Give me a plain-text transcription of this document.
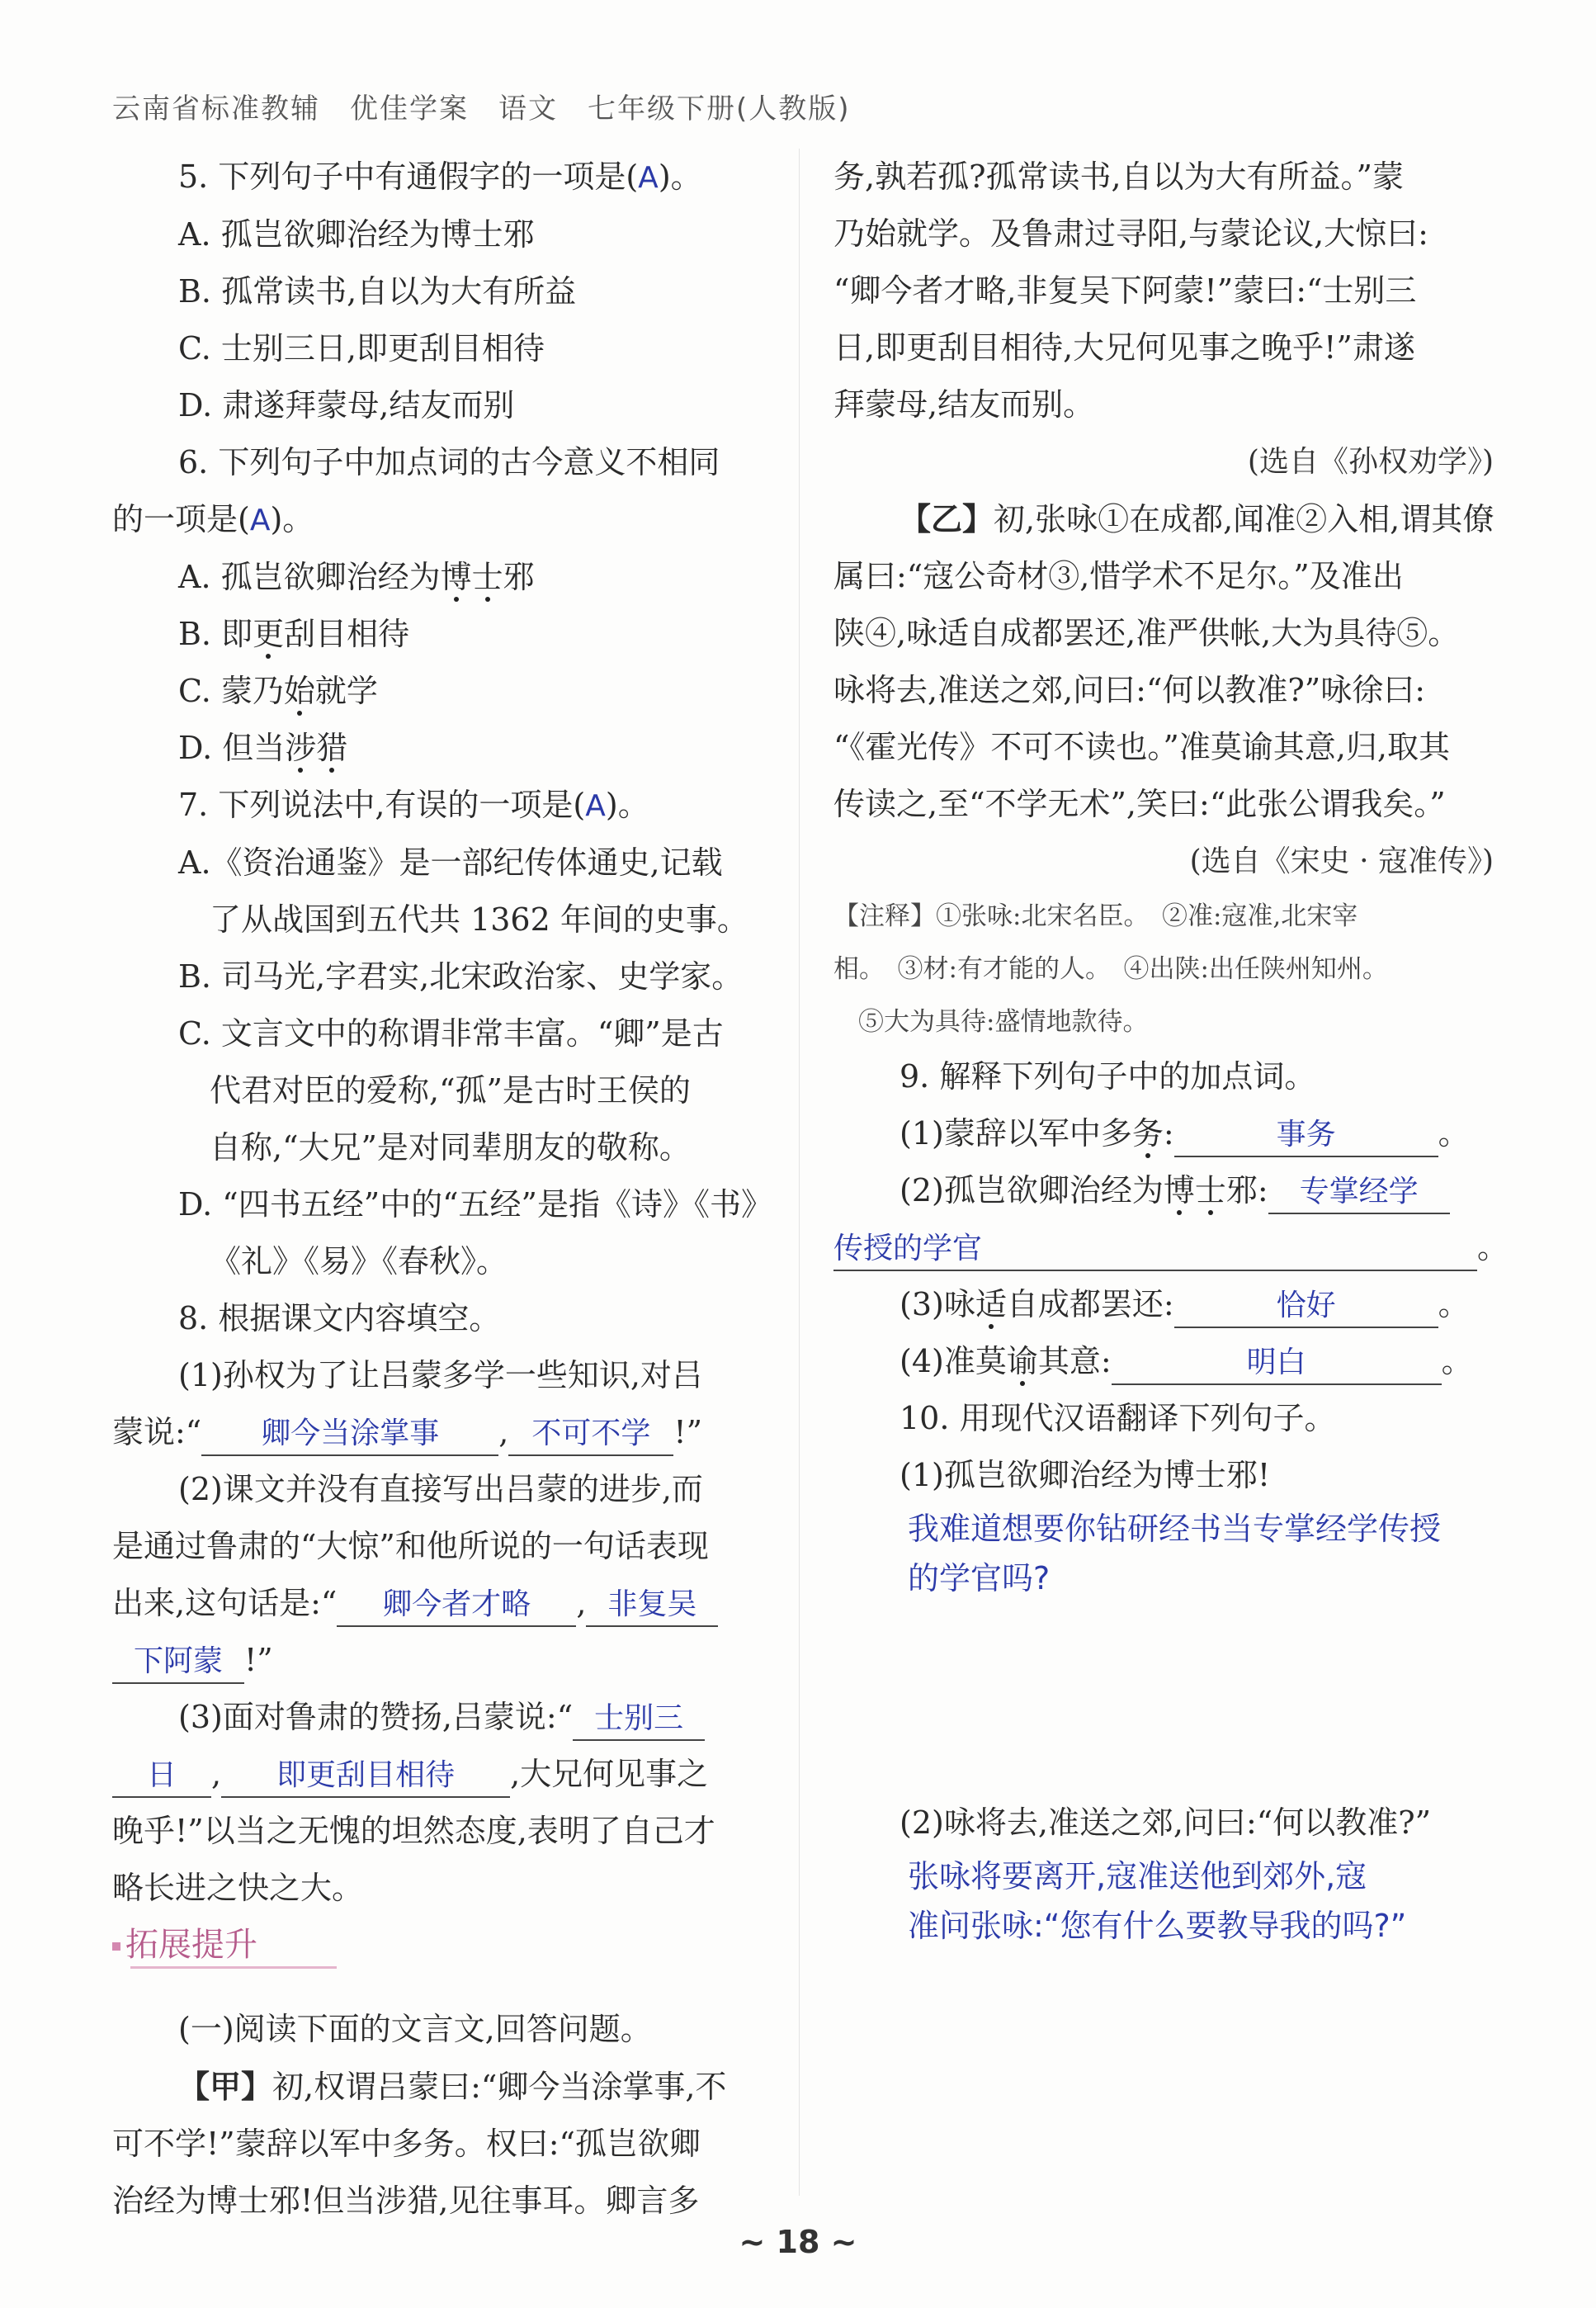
云南省标准教辅　优佳学案　语文　七年级下册(人教版)
5. 下列句子中有通假字的一项是(A)。
A. 孤岂欲卿治经为博士邪
B. 孤常读书,自以为大有所益
C. 士别三日,即更刮目相待
D. 肃遂拜蒙母,结友而别
6. 下列句子中加点词的古今意义不相同
的一项是(A)。
A. 孤岂欲卿治经为博士邪
B. 即更刮目相待
C. 蒙乃始就学
D. 但当涉猎
7. 下列说法中,有误的一项是(A)。
A.《资治通鉴》是一部纪传体通史,记载
了从战国到五代共 1362 年间的史事。
B. 司马光,字君实,北宋政治家、史学家。
C. 文言文中的称谓非常丰富。“卿”是古
代君对臣的爱称,“孤”是古时王侯的
自称,“大兄”是对同辈朋友的敬称。
D. “四书五经”中的“五经”是指《诗》《书》
《礼》《易》《春秋》。
8. 根据课文内容填空。
(1)孙权为了让吕蒙多学一些知识,对吕
蒙说:“ 卿今当涂掌事 , 不可不学 !”
(2)课文并没有直接写出吕蒙的进步,而
是通过鲁肃的“大惊”和他所说的一句话表现
出来,这句话是:“ 卿今者才略 , 非复吴
下阿蒙 !”
(3)面对鲁肃的赞扬,吕蒙说:“ 士别三
日 , 即更刮目相待 ,大兄何见事之
晚乎!”以当之无愧的坦然态度,表明了自己才
略长进之快之大。
拓展提升
(一)阅读下面的文言文,回答问题。
【甲】初,权谓吕蒙曰:“卿今当涂掌事,不
可不学!”蒙辞以军中多务。权曰:“孤岂欲卿
治经为博士邪!但当涉猎,见往事耳。卿言多
务,孰若孤?孤常读书,自以为大有所益。”蒙
乃始就学。及鲁肃过寻阳,与蒙论议,大惊曰:
“卿今者才略,非复吴下阿蒙!”蒙曰:“士别三
日,即更刮目相待,大兄何见事之晚乎!”肃遂
拜蒙母,结友而别。
(选自《孙权劝学》)
【乙】初,张咏①在成都,闻准②入相,谓其僚
属曰:“寇公奇材③,惜学术不足尔。”及准出
陕④,咏适自成都罢还,准严供帐,大为具待⑤。
咏将去,准送之郊,问曰:“何以教准?”咏徐曰:
“《霍光传》不可不读也。”准莫谕其意,归,取其
传读之,至“不学无术”,笑曰:“此张公谓我矣。”
(选自《宋史 · 寇准传》)
【注释】①张咏:北宋名臣。　②准:寇准,北宋宰
相。　③材:有才能的人。　④出陕:出任陕州知州。
⑤大为具待:盛情地款待。
9. 解释下列句子中的加点词。
(1)蒙辞以军中多务:	事务	。
(2)孤岂欲卿治经为博士邪: 专掌经学
传授的学官	。
(3)咏适自成都罢还:	恰好	。
(4)准莫谕其意:	明白	。
10. 用现代汉语翻译下列句子。
(1)孤岂欲卿治经为博士邪!
我难道想要你钻研经书当专掌经学传授
的学官吗?
(2)咏将去,准送之郊,问曰:“何以教准?”
张咏将要离开,寇准送他到郊外,寇
准问张咏:“您有什么要教导我的吗?”
~ 18 ~
